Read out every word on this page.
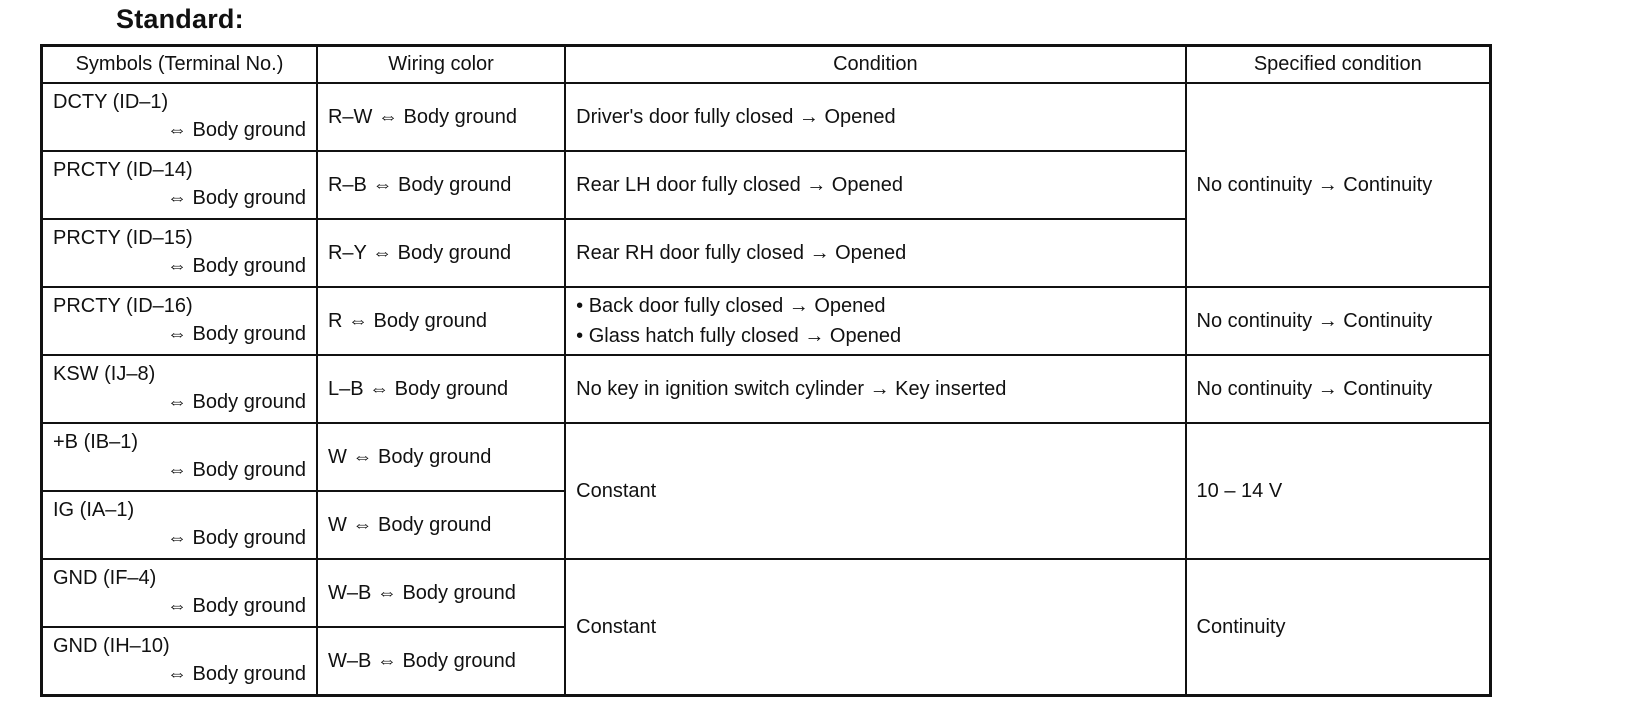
Standard:
Symbols (Terminal No.)	Wiring color	Condition	Specified condition

DCTY (ID–1)
⇔ Body ground	R–W ⇔ Body ground	Driver's door fully closed → Opened	No continuity → Continuity

PRCTY (ID–14)
⇔ Body ground	R–B ⇔ Body ground	Rear LH door fully closed → Opened	

PRCTY (ID–15)
⇔ Body ground	R–Y ⇔ Body ground	Rear RH door fully closed → Opened	

PRCTY (ID–16)
⇔ Body ground	R ⇔ Body ground	• Back door fully closed → Opened
• Glass hatch fully closed → Opened	No continuity → Continuity

KSW (IJ–8)
⇔ Body ground	L–B ⇔ Body ground	No key in ignition switch cylinder → Key inserted	No continuity → Continuity

+B (IB–1)
⇔ Body ground	W ⇔ Body ground	Constant	10 – 14 V

IG (IA–1)
⇔ Body ground	W ⇔ Body ground		

GND (IF–4)
⇔ Body ground	W–B ⇔ Body ground	Constant	Continuity

GND (IH–10)
⇔ Body ground	W–B ⇔ Body ground		
